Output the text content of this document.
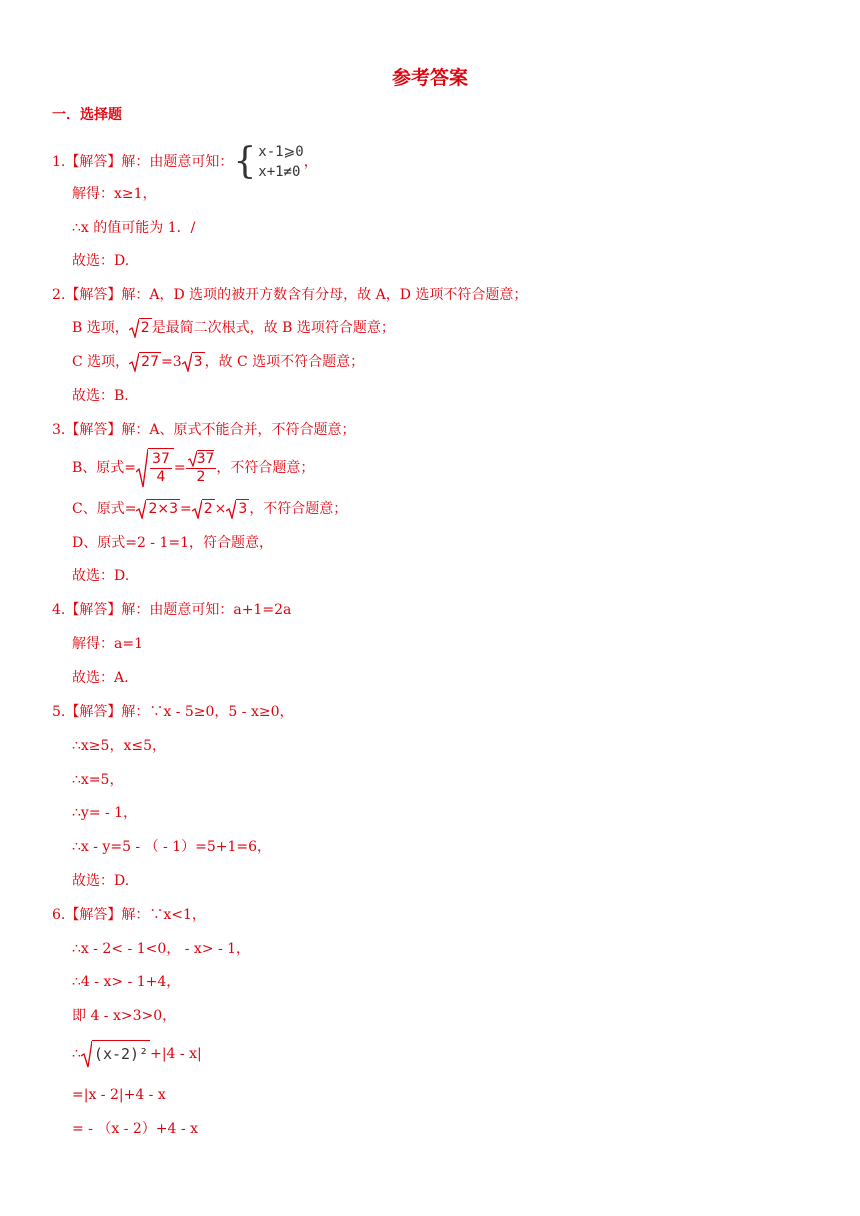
参考答案
一．选择题
1.【解答】解：由题意可知： { x-1⩾0
x+1≠0
，
解得：x≥1，
∴x 的值可能为 1．/
故选：D.
2.【解答】解：A，D 选项的被开方数含有分母，故 A，D 选项不符合题意；
B 选项， 2 是最简二次根式，故 B 选项符合题意；
C 选项， 27 =3 3 ，故 C 选项不符合题意；
故选：B.
3.【解答】解：A、原式不能合并，不符合题意；
B、原式= $\frac{37}{4} = \frac{37}{2}$ ，不符合题意；
C、原式= 2×3 = 2 × 3 ，不符合题意；
D、原式=2 - 1=1，符合题意，
故选：D.
4.【解答】解：由题意可知：a+1=2a
解得：a=1
故选：A.
5.【解答】解：∵x - 5≥0，5 - x≥0，
∴x≥5，x≤5，
∴x=5，
∴y= - 1，
∴x - y=5 - （ - 1）=5+1=6，
故选：D.
6.【解答】解：∵x<1，
∴x - 2< - 1<0， - x> - 1，
∴4 - x> - 1+4，
即 4 - x>3>0，
∴ (x-2)² +|4 - x|
=|x - 2|+4 - x
= - （x - 2）+4 - x
